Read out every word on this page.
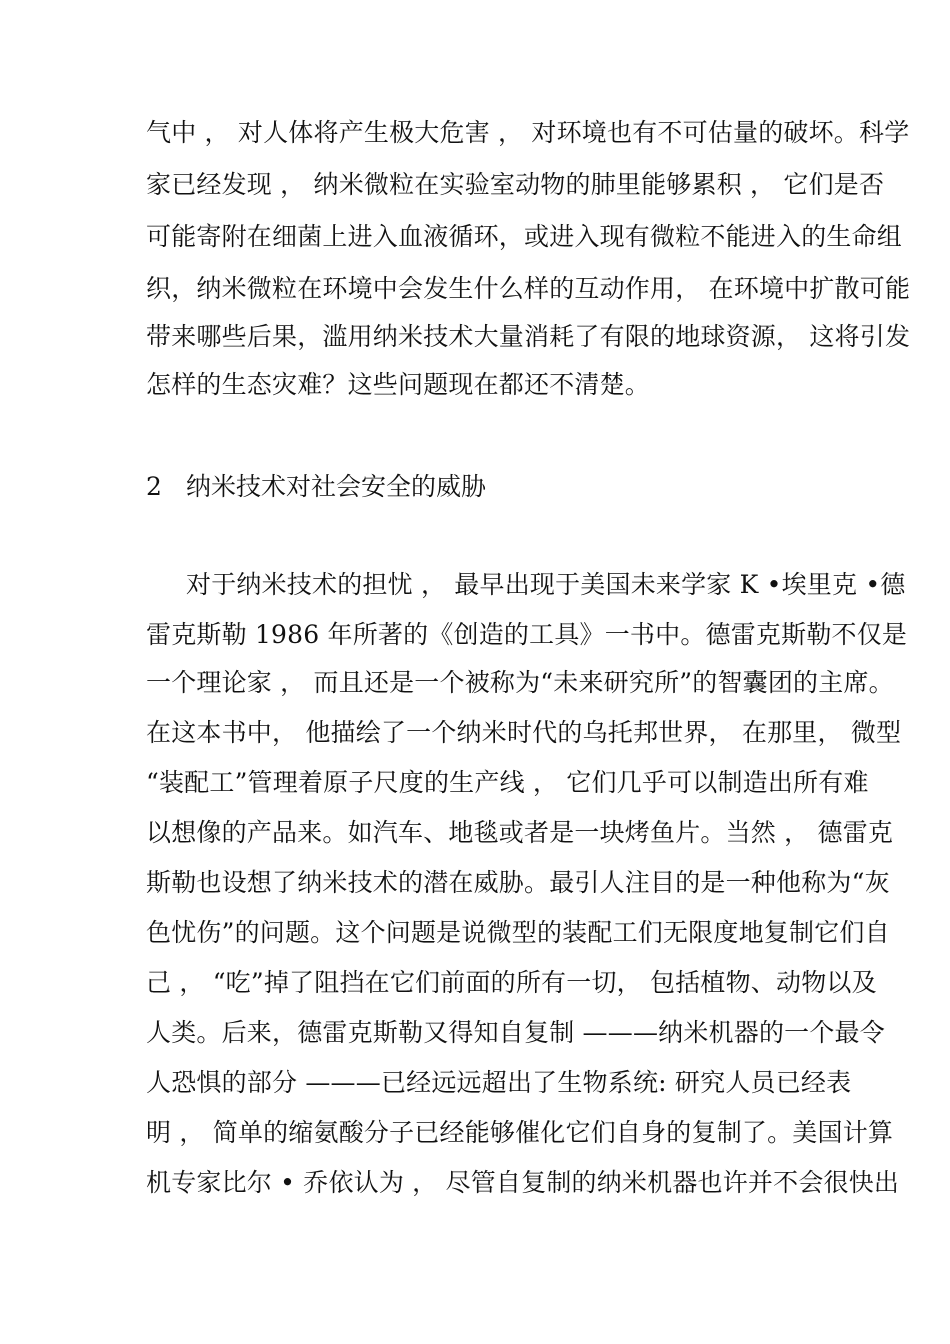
气中 ， 对人体将产生极大危害 ， 对环境也有不可估量的破坏。科学
家已经发现 ， 纳米微粒在实验室动物的肺里能够累积 ， 它们是否
可能寄附在细菌上进入血液循环，或进入现有微粒不能进入的生命组
织，纳米微粒在环境中会发生什么样的互动作用， 在环境中扩散可能
带来哪些后果，滥用纳米技术大量消耗了有限的地球资源， 这将引发
怎样的生态灾难？这些问题现在都还不清楚。
2 纳米技术对社会安全的威胁
对于纳米技术的担忧 ， 最早出现于美国未来学家 K •埃里克 •德
雷克斯勒 1986 年所著的《创造的工具》一书中。德雷克斯勒不仅是
一个理论家 ， 而且还是一个被称为“未来研究所”的智囊团的主席。
在这本书中， 他描绘了一个纳米时代的乌托邦世界， 在那里， 微型
“装配工”管理着原子尺度的生产线 ， 它们几乎可以制造出所有难
以想像的产品来。如汽车、地毯或者是一块烤鱼片。当然 ， 德雷克
斯勒也设想了纳米技术的潜在威胁。最引人注目的是一种他称为“灰
色忧伤”的问题。这个问题是说微型的装配工们无限度地复制它们自
己 ， “吃”掉了阻挡在它们前面的所有一切， 包括植物、动物以及
人类。后来，德雷克斯勒又得知自复制 ———纳米机器的一个最令
人恐惧的部分 ———已经远远超出了生物系统: 研究人员已经表
明 ， 简单的缩氨酸分子已经能够催化它们自身的复制了。美国计算
机专家比尔 • 乔依认为 ， 尽管自复制的纳米机器也许并不会很快出
